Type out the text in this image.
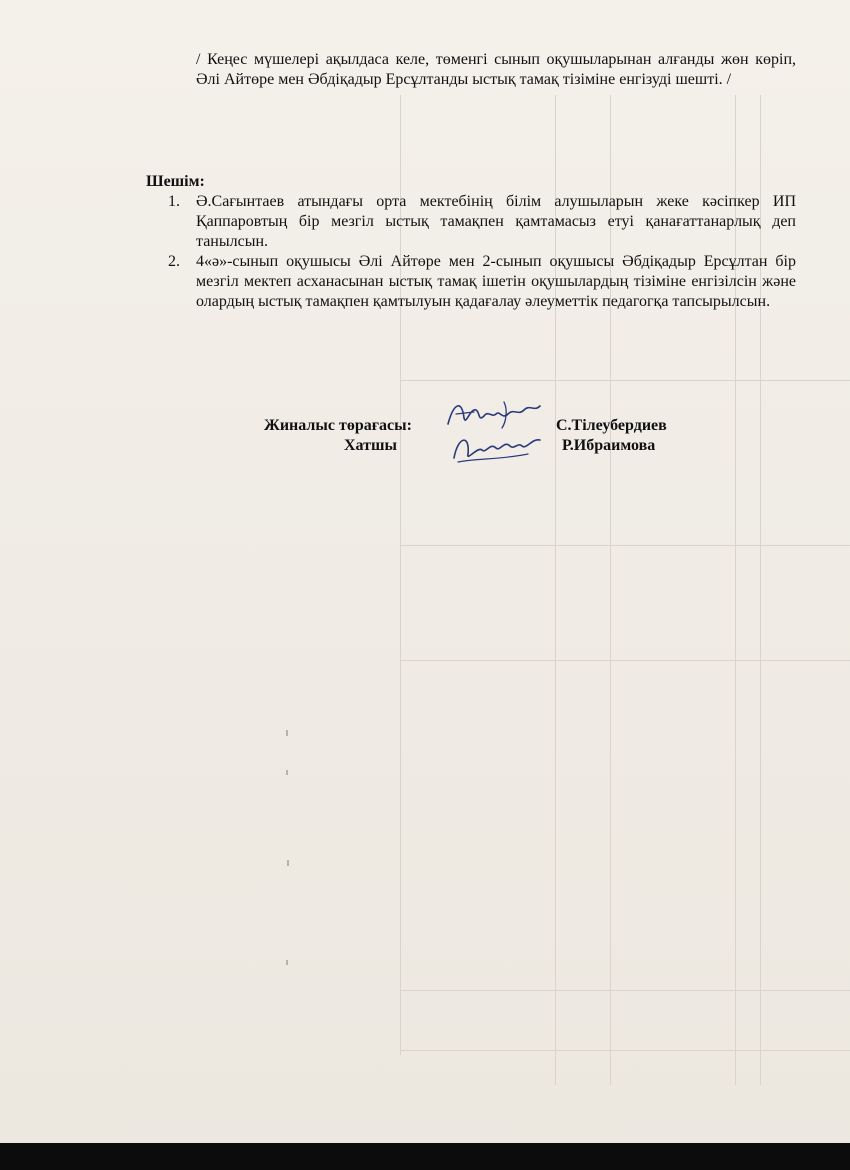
/ Кеңес мүшелері ақылдаса келе, төменгі сынып оқушыларынан алғанды жөн көріп, Әлі Айтөре мен Әбдіқадыр Ерсұлтанды ыстық тамақ тізіміне енгізуді шешті. /
Шешім:
1. Ә.Сағынтаев атындағы орта мектебінің білім алушыларын жеке кәсіпкер ИП Қаппаровтың бір мезгіл ыстық тамақпен қамтамасыз етуі қанағаттанарлық деп танылсын.
2. 4«ә»-сынып оқушысы Әлі Айтөре мен 2-сынып оқушысы Әбдіқадыр Ерсұлтан бір мезгіл мектеп асханасынан ыстық тамақ ішетін оқушылардың тізіміне енгізілсін және олардың ыстық тамақпен қамтылуын қадағалау әлеуметтік педагогқа тапсырылсын.
Жиналыс төрағасы:	С.Тілеубердиев
Хатшы	Р.Ибраимова
